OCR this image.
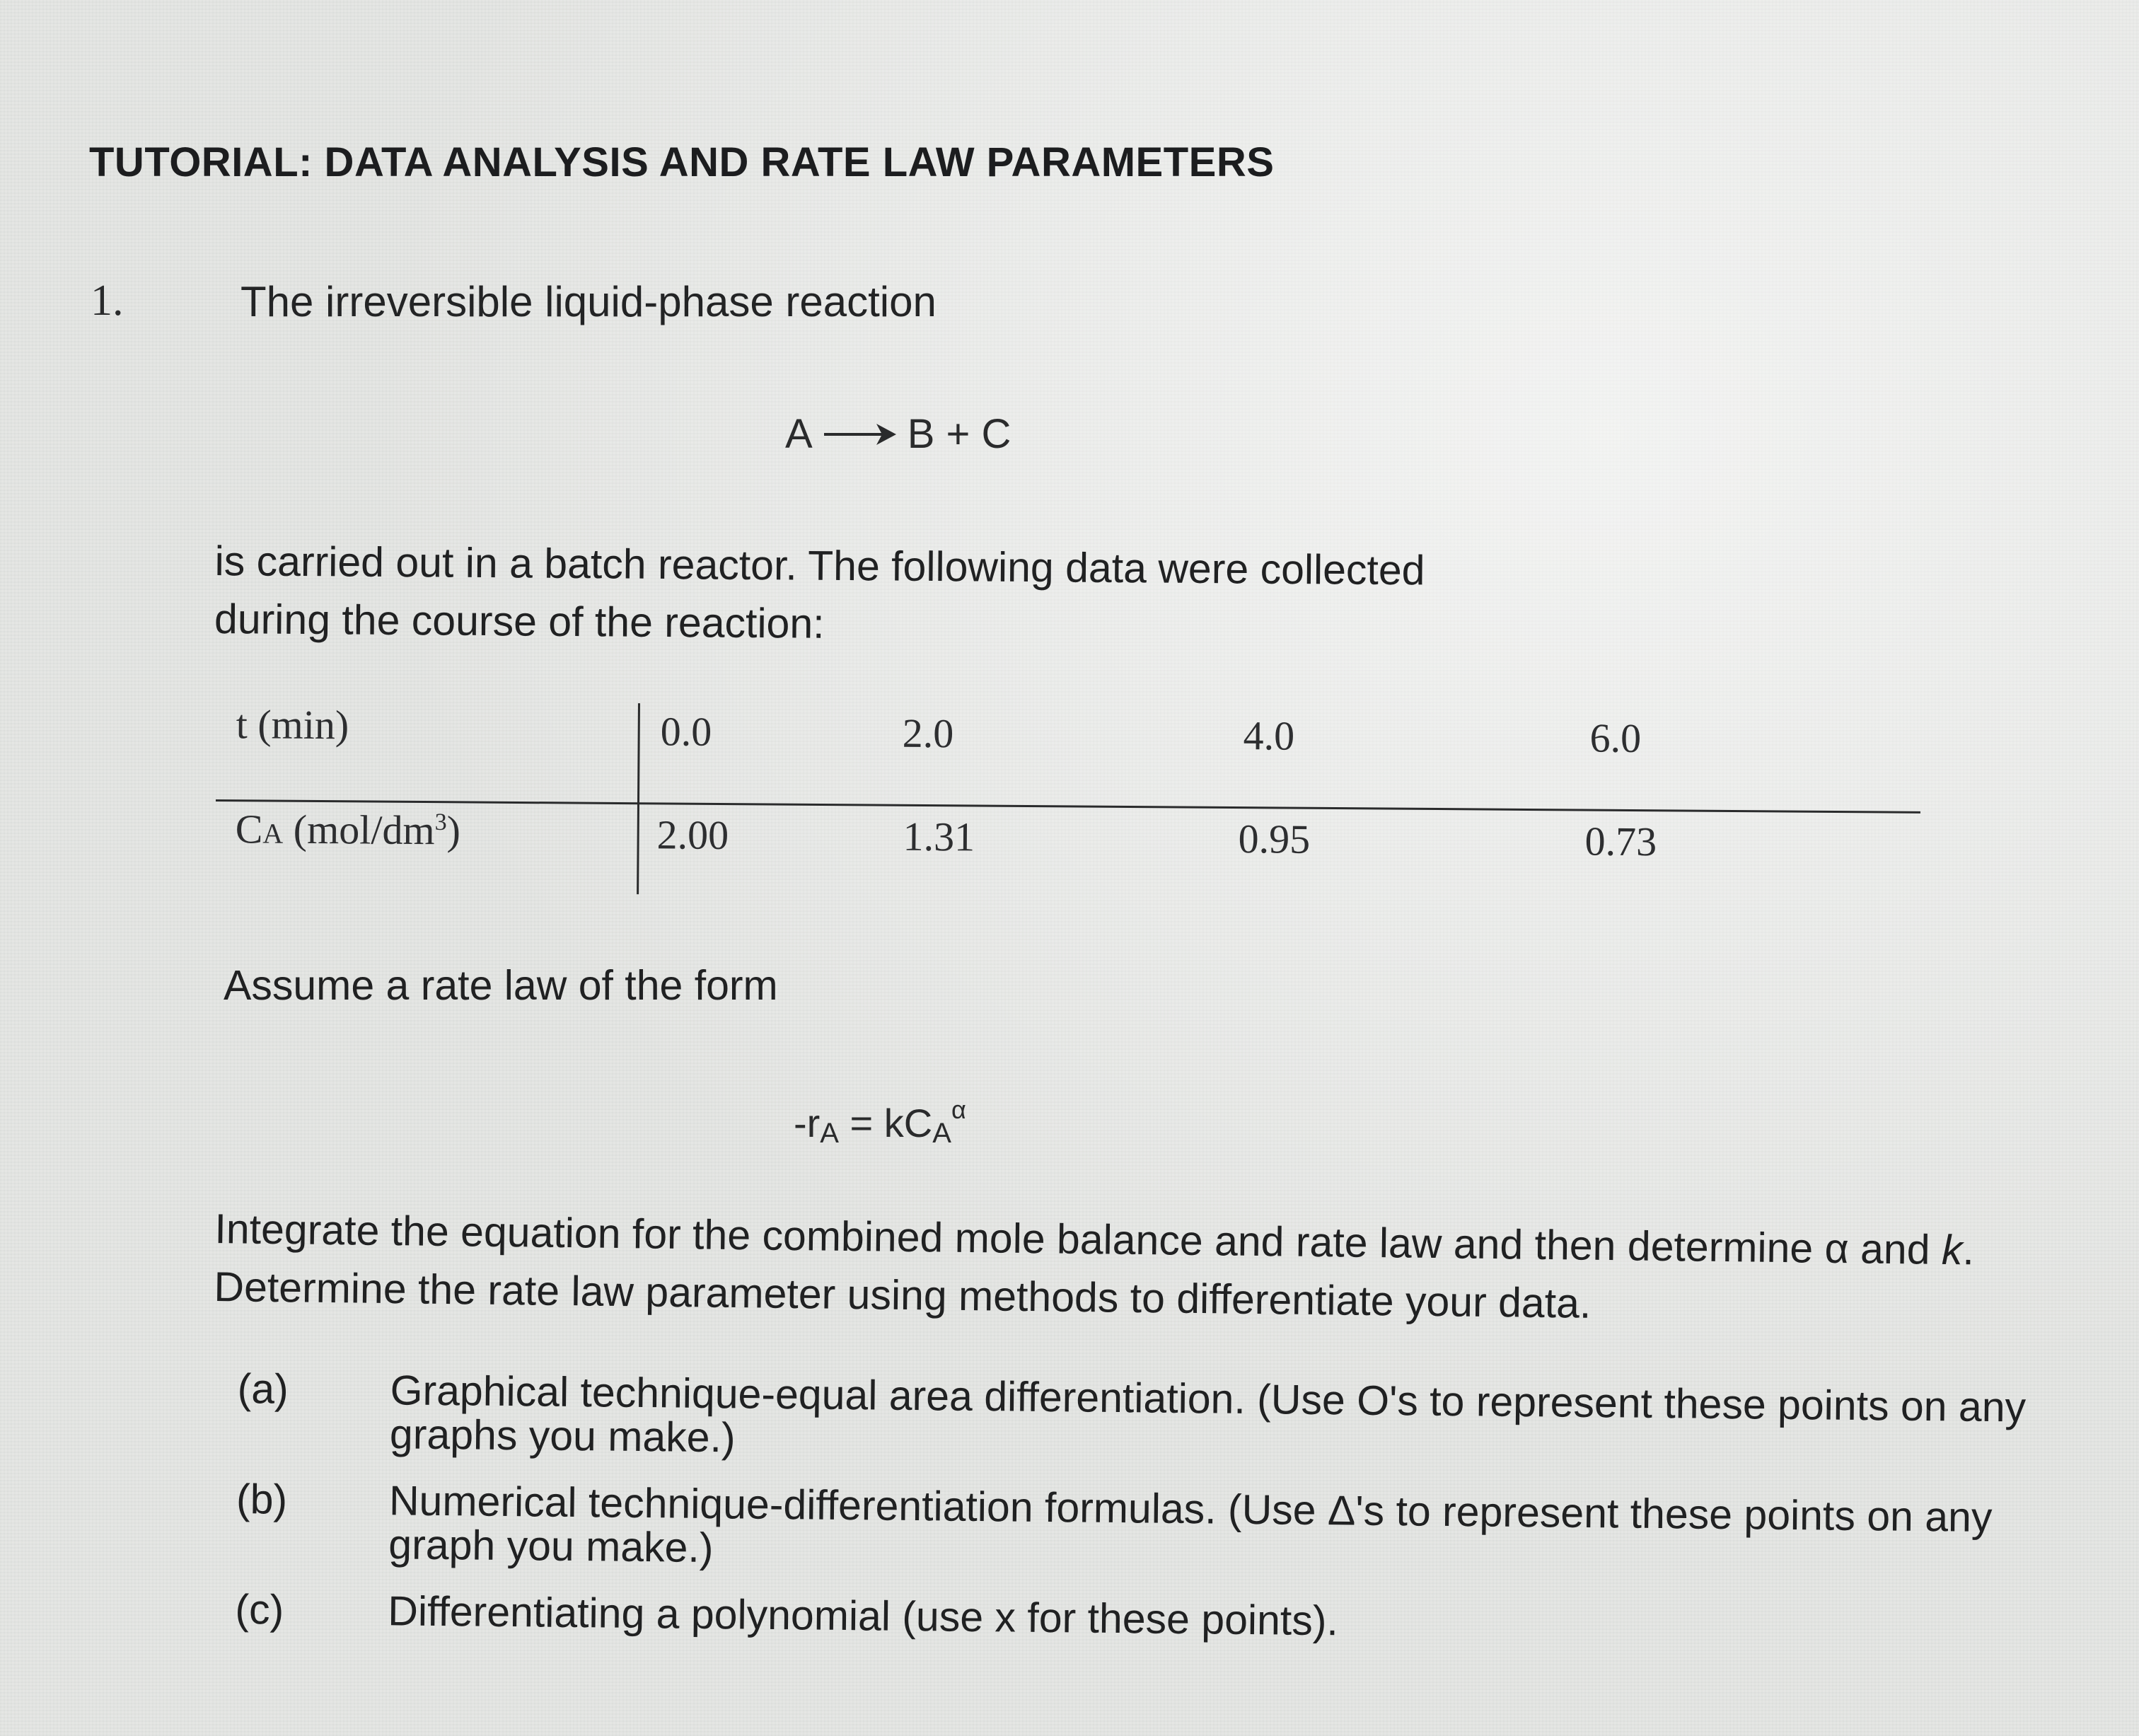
TUTORIAL: DATA ANALYSIS AND RATE LAW PARAMETERS
1.	The irreversible liquid-phase reaction
A → B + C
is carried out in a batch reactor. The following data were collected
during the course of the reaction:
t (min)	0.0	2.0	4.0	6.0
CA $(mol/dm^3)$	2.00	1.31	0.95	0.73
Assume a rate law of the form
-rA = kCA$^\alpha$
Integrate the equation for the combined mole balance and rate law and then determine α and k.
Determine the rate law parameter using methods to differentiate your data.
(a) Graphical technique-equal area differentiation. (Use O's to represent these points on any graphs you make.)
(b) Numerical technique-differentiation formulas. (Use Δ's to represent these points on any graph you make.)
(c) Differentiating a polynomial (use x for these points).
